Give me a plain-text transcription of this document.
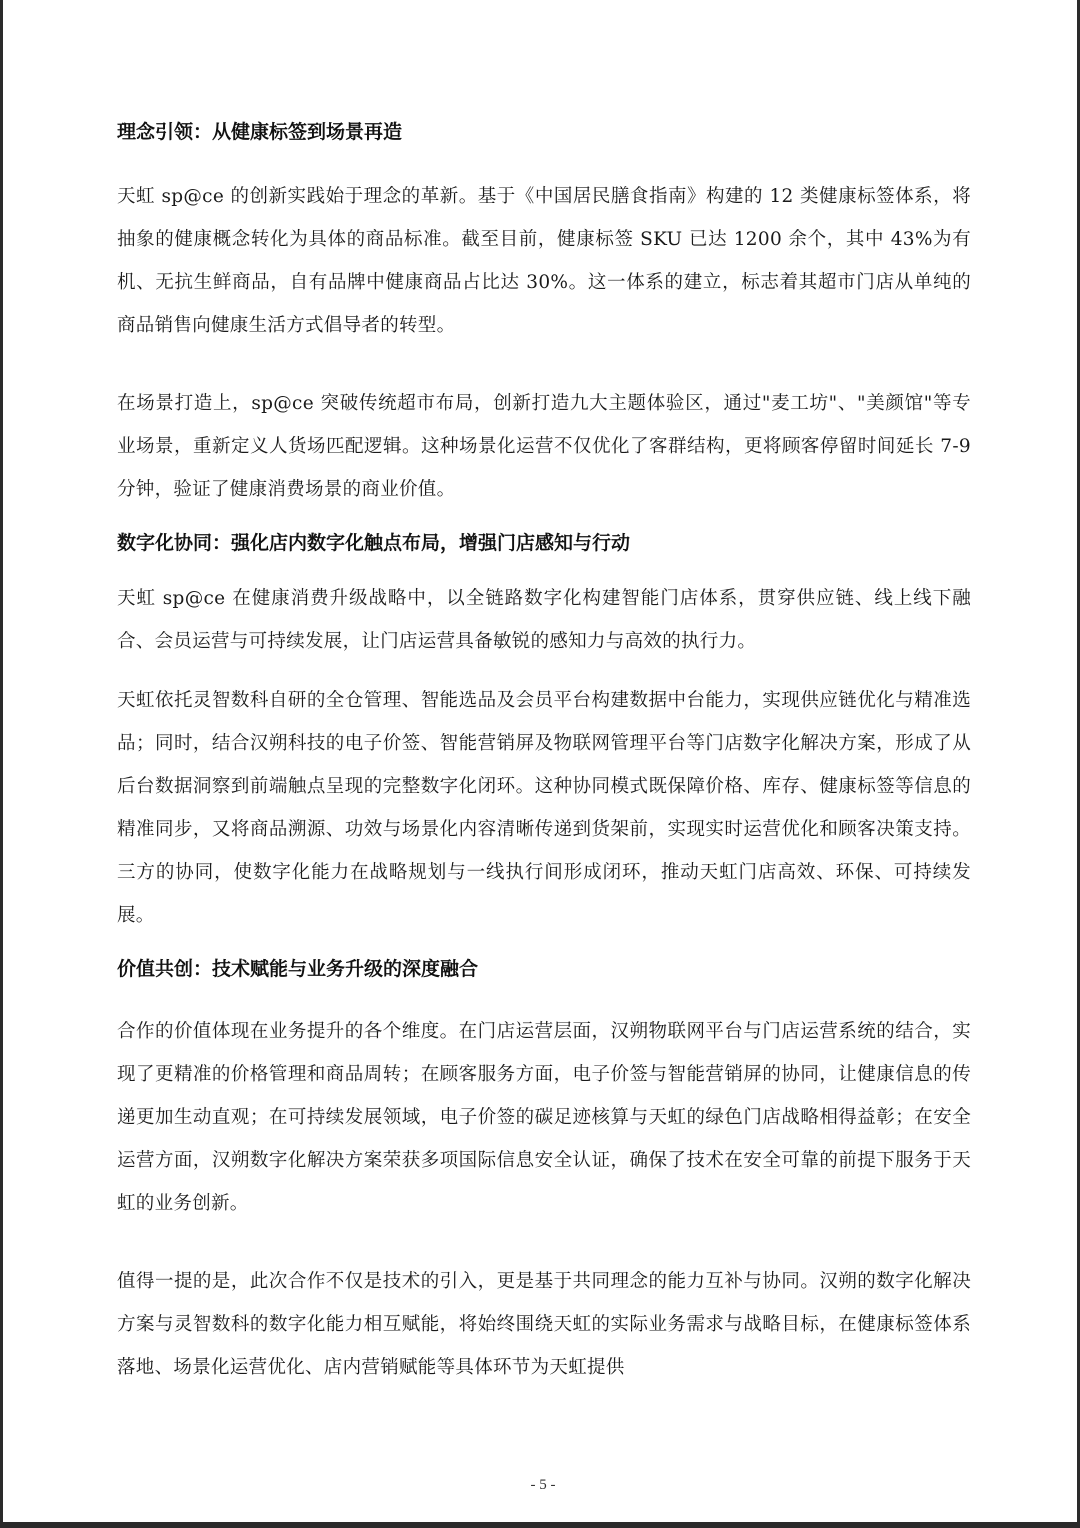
理念引领：从健康标签到场景再造

天虹 sp@ce 的创新实践始于理念的革新。基于《中国居民膳食指南》构建的 12 类健康标签体系，将抽象的健康概念转化为具体的商品标准。截至目前，健康标签 SKU 已达 1200 余个，其中 43%为有机、无抗生鲜商品，自有品牌中健康商品占比达 30%。这一体系的建立，标志着其超市门店从单纯的商品销售向健康生活方式倡导者的转型。

在场景打造上，sp@ce 突破传统超市布局，创新打造九大主题体验区，通过"麦工坊"、"美颜馆"等专业场景，重新定义人货场匹配逻辑。这种场景化运营不仅优化了客群结构，更将顾客停留时间延长 7-9 分钟，验证了健康消费场景的商业价值。

数字化协同：强化店内数字化触点布局，增强门店感知与行动

天虹 sp@ce 在健康消费升级战略中，以全链路数字化构建智能门店体系，贯穿供应链、线上线下融合、会员运营与可持续发展，让门店运营具备敏锐的感知力与高效的执行力。

天虹依托灵智数科自研的全仓管理、智能选品及会员平台构建数据中台能力，实现供应链优化与精准选品；同时，结合汉朔科技的电子价签、智能营销屏及物联网管理平台等门店数字化解决方案，形成了从后台数据洞察到前端触点呈现的完整数字化闭环。这种协同模式既保障价格、库存、健康标签等信息的精准同步，又将商品溯源、功效与场景化内容清晰传递到货架前，实现实时运营优化和顾客决策支持。三方的协同，使数字化能力在战略规划与一线执行间形成闭环，推动天虹门店高效、环保、可持续发展。

价值共创：技术赋能与业务升级的深度融合

合作的价值体现在业务提升的各个维度。在门店运营层面，汉朔物联网平台与门店运营系统的结合，实现了更精准的价格管理和商品周转；在顾客服务方面，电子价签与智能营销屏的协同，让健康信息的传递更加生动直观；在可持续发展领域，电子价签的碳足迹核算与天虹的绿色门店战略相得益彰；在安全运营方面，汉朔数字化解决方案荣获多项国际信息安全认证，确保了技术在安全可靠的前提下服务于天虹的业务创新。

值得一提的是，此次合作不仅是技术的引入，更是基于共同理念的能力互补与协同。汉朔的数字化解决方案与灵智数科的数字化能力相互赋能，将始终围绕天虹的实际业务需求与战略目标，在健康标签体系落地、场景化运营优化、店内营销赋能等具体环节为天虹提供

- 5 -
